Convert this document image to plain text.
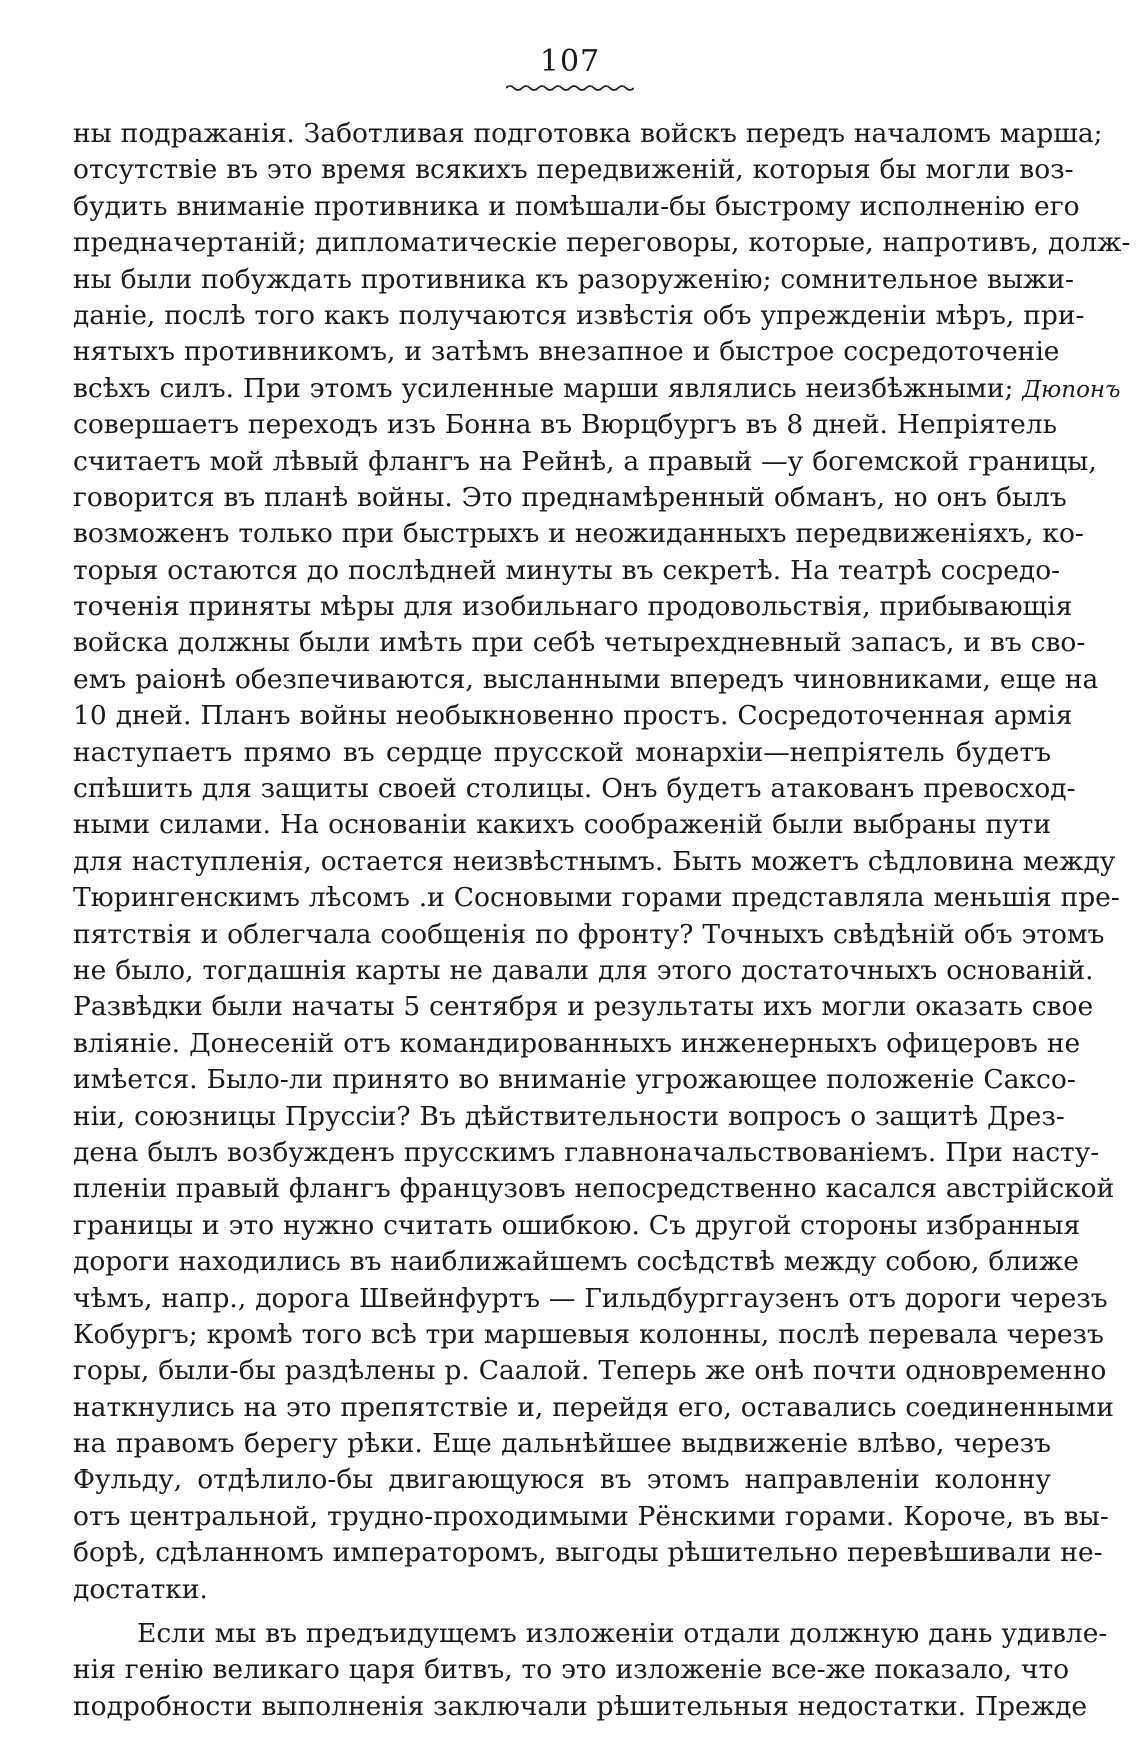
107
ны подражанія. Заботливая подготовка войскъ передъ началомъ марша;
отсутствіе въ это время всякихъ передвиженій, которыя бы могли воз-
будить вниманіе противника и помѣшали-бы быстрому исполненію его
предначертаній; дипломатическіе переговоры, которые, напротивъ, долж-
ны были побуждать противника къ разоруженію; сомнительное выжи-
даніе, послѣ того какъ получаются извѣстія объ упрежденіи мѣръ, при-
нятыхъ противникомъ, и затѣмъ внезапное и быстрое сосредоточеніе
всѣхъ силъ. При этомъ усиленные марши являлись неизбѣжными; Дюпонъ
совершаетъ переходъ изъ Бонна въ Вюрцбургъ въ 8 дней. Непріятель
считаетъ мой лѣвый флангъ на Рейнѣ, а правый —у богемской границы,
говорится въ планѣ войны. Это преднамѣренный обманъ, но онъ былъ
возможенъ только при быстрыхъ и неожиданныхъ передвиженіяхъ, ко-
торыя остаются до послѣдней минуты въ секретѣ. На театрѣ сосредо-
точенія приняты мѣры для изобильнаго продовольствія, прибывающія
войска должны были имѣть при себѣ четырехдневный запасъ, и въ сво-
емъ раіонѣ обезпечиваются, высланными впередъ чиновниками, еще на
10 дней. Планъ войны необыкновенно простъ. Сосредоточенная армія
наступаетъ прямо въ сердце прусской монархіи—непріятель будетъ
спѣшить для защиты своей столицы. Онъ будетъ атакованъ превосход-
ными силами. На основаніи какихъ соображеній были выбраны пути
для наступленія, остается неизвѣстнымъ. Быть можетъ сѣдловина между
Тюрингенскимъ лѣсомъ .и Сосновыми горами представляла меньшія пре-
пятствія и облегчала сообщенія по фронту? Точныхъ свѣдѣній объ этомъ
не было, тогдашнія карты не давали для этого достаточныхъ основаній.
Развѣдки были начаты 5 сентября и результаты ихъ могли оказать свое
вліяніе. Донесеній отъ командированныхъ инженерныхъ офицеровъ не
имѣется. Было-ли принято во вниманіе угрожающее положеніе Саксо-
ніи, союзницы Пруссіи? Въ дѣйствительности вопросъ о защитѣ Дрез-
дена былъ возбужденъ прусскимъ главноначальствованіемъ. При насту-
пленіи правый флангъ французовъ непосредственно касался австрійской
границы и это нужно считать ошибкою. Съ другой стороны избранныя
дороги находились въ наиближайшемъ сосѣдствѣ между собою, ближе
чѣмъ, напр., дорога Швейнфуртъ — Гильдбурггаузенъ отъ дороги черезъ
Кобургъ; кромѣ того всѣ три маршевыя колонны, послѣ перевала черезъ
горы, были-бы раздѣлены р. Саалой. Теперь же онѣ почти одновременно
наткнулись на это препятствіе и, перейдя его, оставались соединенными
на правомъ берегу рѣки. Еще дальнѣйшее выдвиженіе влѣво, черезъ
Фульду, отдѣлило-бы двигающуюся въ этомъ направленіи колонну
отъ центральной, трудно-проходимыми Рёнскими горами. Короче, въ вы-
борѣ, сдѣланномъ императоромъ, выгоды рѣшительно перевѣшивали не-
достатки.
Если мы въ предъидущемъ изложеніи отдали должную дань удивле-
нія генію великаго царя битвъ, то это изложеніе все-же показало, что
подробности выполненія заключали рѣшительныя недостатки. Прежде
